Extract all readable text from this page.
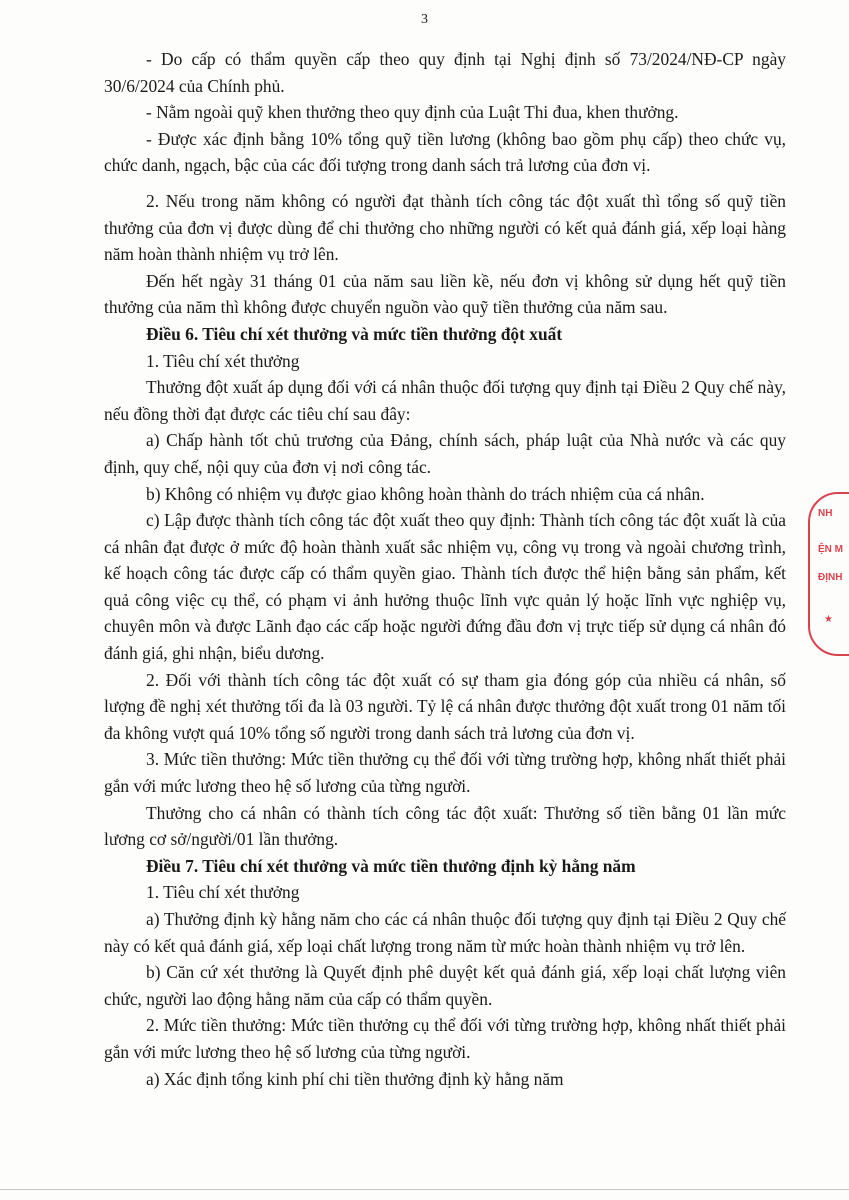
3

- Do cấp có thẩm quyền cấp theo quy định tại Nghị định số 73/2024/NĐ-CP ngày 30/6/2024 của Chính phủ.

- Nằm ngoài quỹ khen thưởng theo quy định của Luật Thi đua, khen thưởng.

- Được xác định bằng 10% tổng quỹ tiền lương (không bao gồm phụ cấp) theo chức vụ, chức danh, ngạch, bậc của các đối tượng trong danh sách trả lương của đơn vị.

2. Nếu trong năm không có người đạt thành tích công tác đột xuất thì tổng số quỹ tiền thưởng của đơn vị được dùng để chi thưởng cho những người có kết quả đánh giá, xếp loại hàng năm hoàn thành nhiệm vụ trở lên.

Đến hết ngày 31 tháng 01 của năm sau liền kề, nếu đơn vị không sử dụng hết quỹ tiền thưởng của năm thì không được chuyển nguồn vào quỹ tiền thưởng của năm sau.

Điều 6. Tiêu chí xét thưởng và mức tiền thưởng đột xuất

1. Tiêu chí xét thưởng

Thưởng đột xuất áp dụng đối với cá nhân thuộc đối tượng quy định tại Điều 2 Quy chế này, nếu đồng thời đạt được các tiêu chí sau đây:

a) Chấp hành tốt chủ trương của Đảng, chính sách, pháp luật của Nhà nước và các quy định, quy chế, nội quy của đơn vị nơi công tác.

b) Không có nhiệm vụ được giao không hoàn thành do trách nhiệm của cá nhân.

c) Lập được thành tích công tác đột xuất theo quy định: Thành tích công tác đột xuất là của cá nhân đạt được ở mức độ hoàn thành xuất sắc nhiệm vụ, công vụ trong và ngoài chương trình, kế hoạch công tác được cấp có thẩm quyền giao. Thành tích được thể hiện bằng sản phẩm, kết quả công việc cụ thể, có phạm vi ảnh hưởng thuộc lĩnh vực quản lý hoặc lĩnh vực nghiệp vụ, chuyên môn và được Lãnh đạo các cấp hoặc người đứng đầu đơn vị trực tiếp sử dụng cá nhân đó đánh giá, ghi nhận, biểu dương.

2. Đối với thành tích công tác đột xuất có sự tham gia đóng góp của nhiều cá nhân, số lượng đề nghị xét thưởng tối đa là 03 người. Tỷ lệ cá nhân được thưởng đột xuất trong 01 năm tối đa không vượt quá 10% tổng số người trong danh sách trả lương của đơn vị.

3. Mức tiền thưởng: Mức tiền thưởng cụ thể đối với từng trường hợp, không nhất thiết phải gắn với mức lương theo hệ số lương của từng người.

Thưởng cho cá nhân có thành tích công tác đột xuất: Thưởng số tiền bằng 01 lần mức lương cơ sở/người/01 lần thưởng.

Điều 7. Tiêu chí xét thưởng và mức tiền thưởng định kỳ hằng năm

1. Tiêu chí xét thưởng

a) Thưởng định kỳ hằng năm cho các cá nhân thuộc đối tượng quy định tại Điều 2 Quy chế này có kết quả đánh giá, xếp loại chất lượng trong năm từ mức hoàn thành nhiệm vụ trở lên.

b) Căn cứ xét thưởng là Quyết định phê duyệt kết quả đánh giá, xếp loại chất lượng viên chức, người lao động hằng năm của cấp có thẩm quyền.

2. Mức tiền thưởng: Mức tiền thưởng cụ thể đối với từng trường hợp, không nhất thiết phải gắn với mức lương theo hệ số lương của từng người.

a) Xác định tổng kinh phí chi tiền thưởng định kỳ hằng năm

NH
ỆN M
ĐỊNH
★
